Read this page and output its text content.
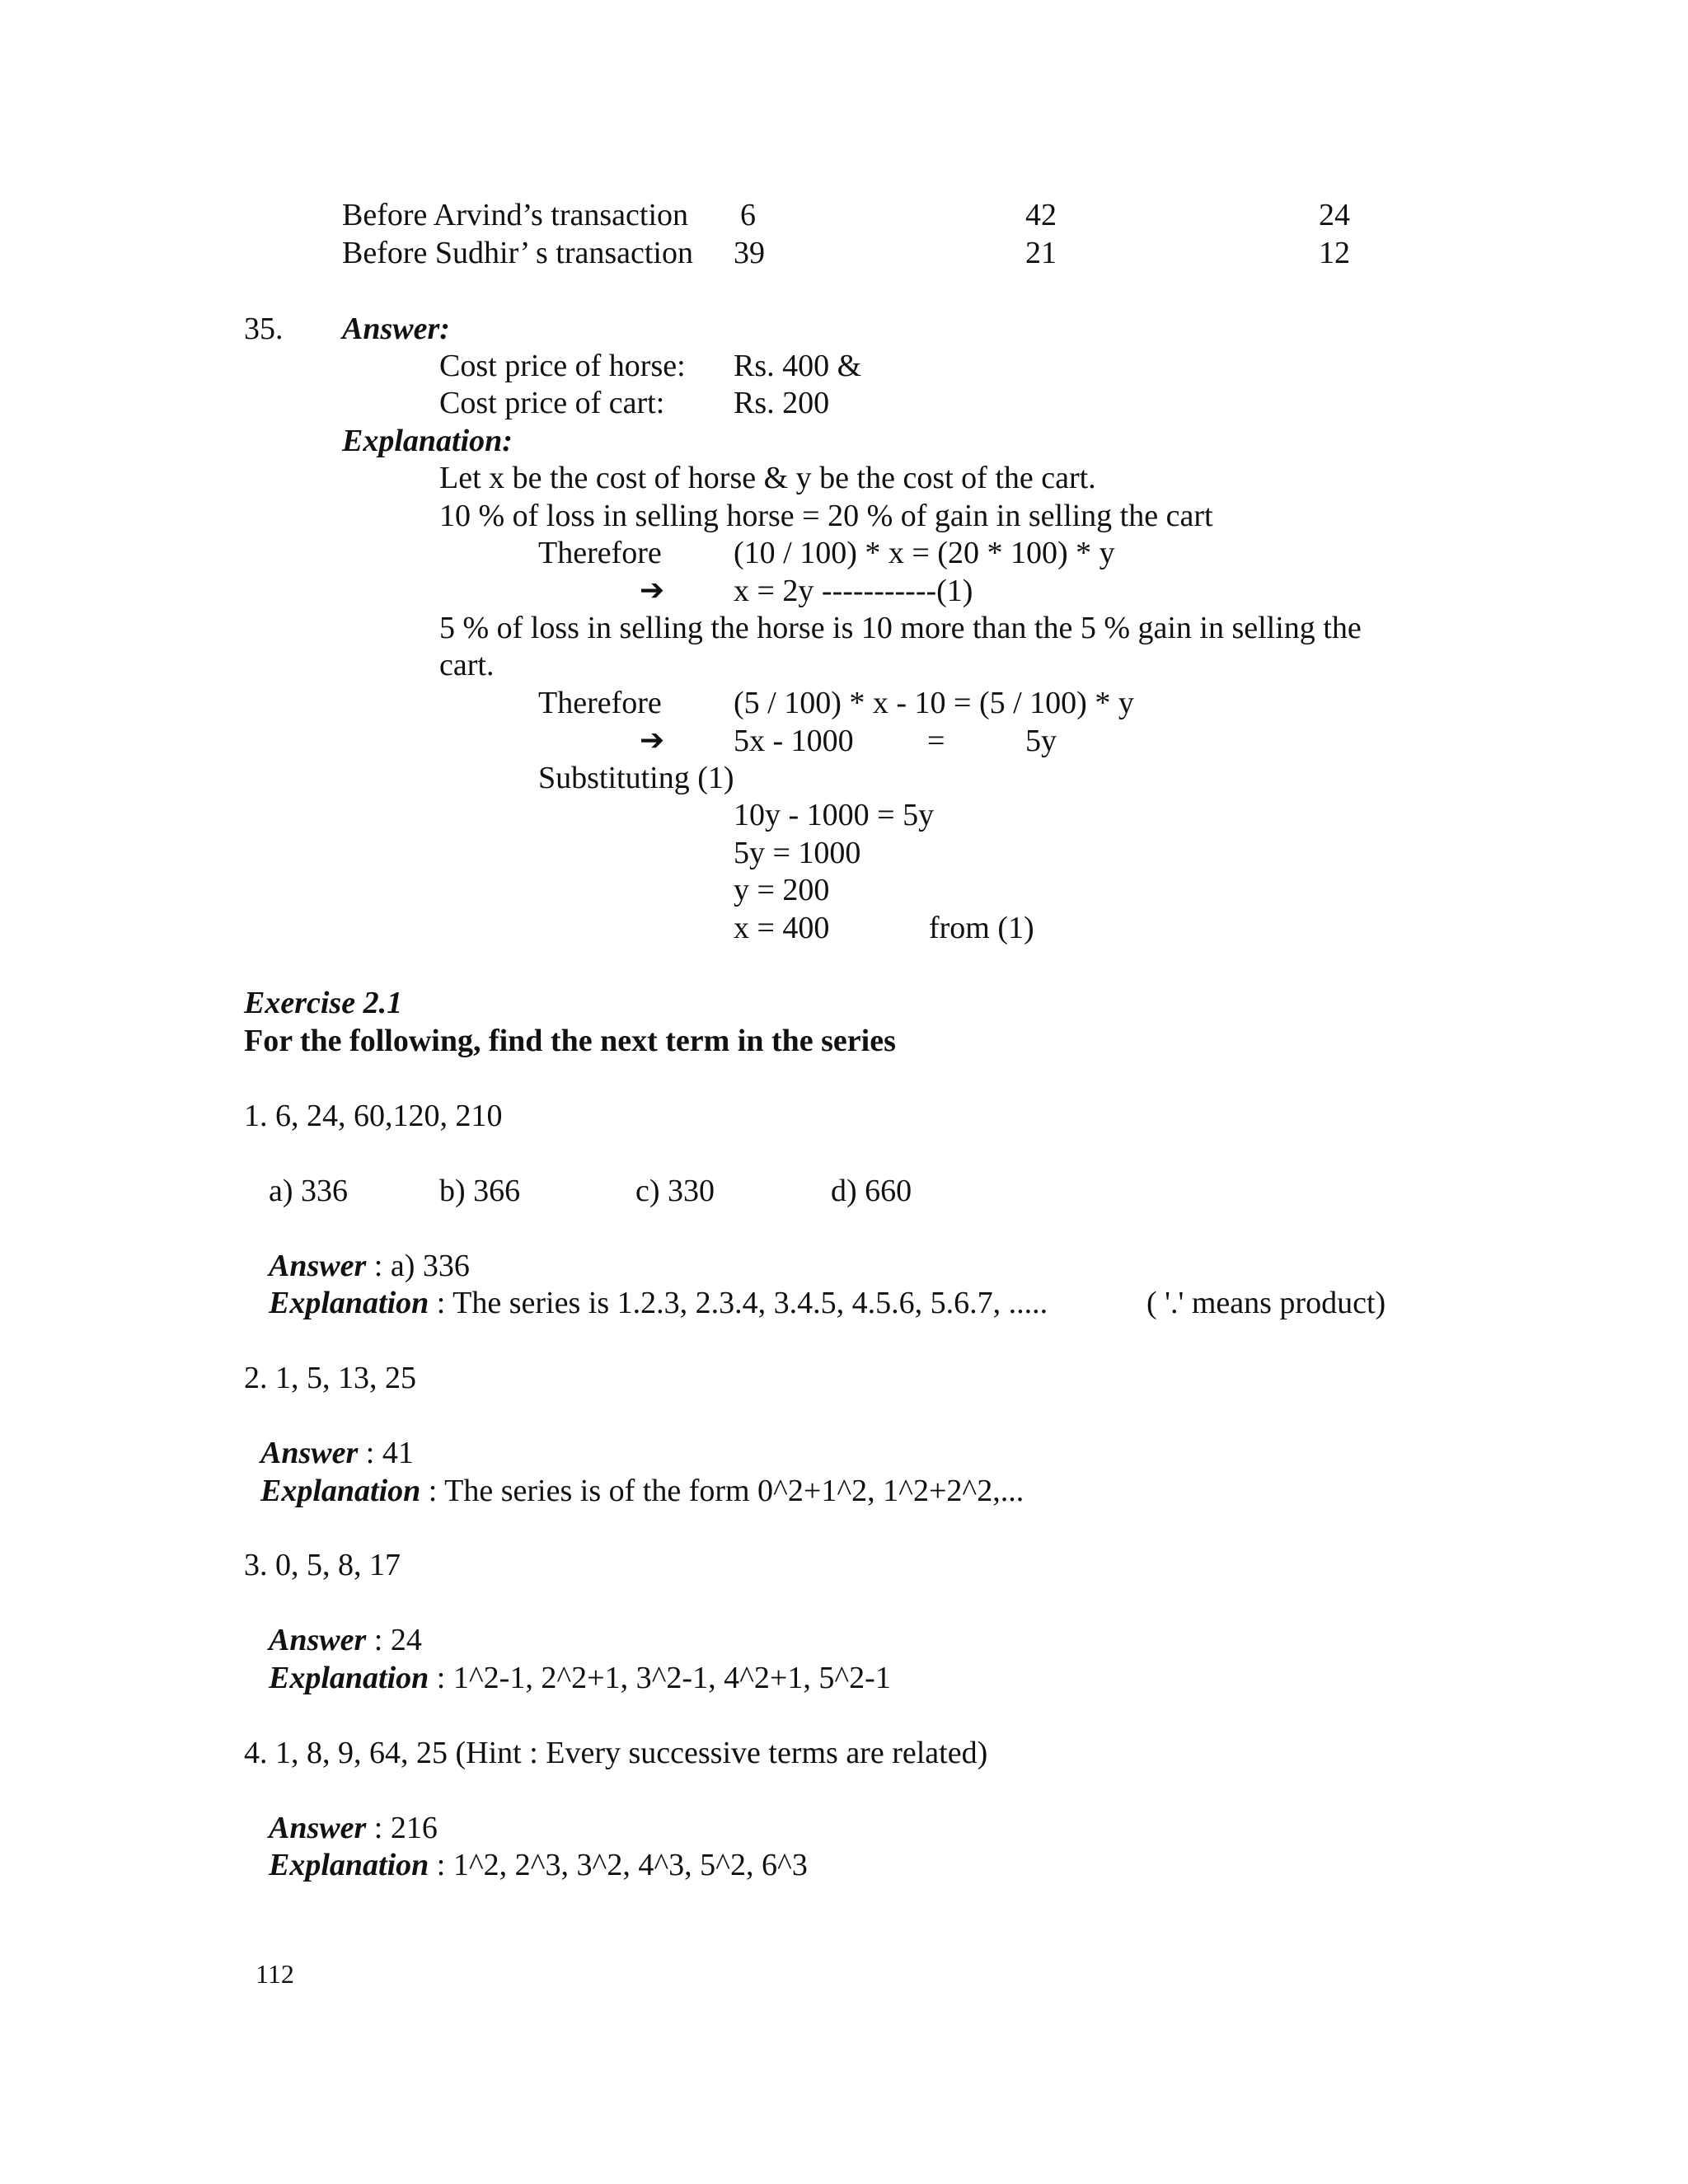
Before Arvind’s transaction 6	42	24
Before Sudhir’ s transaction 39	21	12
35. Answer:
Cost price of horse: Rs. 400 &
Cost price of cart: Rs. 200
Explanation:
Let x be the cost of horse & y be the cost of the cart.
10 % of loss in selling horse = 20 % of gain in selling the cart
Therefore (10 / 100) * x = (20 * 100) * y
➔ x = 2y -----------(1)
5 % of loss in selling the horse is 10 more than the 5 % gain in selling the
cart.
Therefore (5 / 100) * x - 10 = (5 / 100) * y
➔ 5x - 1000 =	5y
Substituting (1)
10y - 1000 = 5y
5y = 1000
y = 200
x = 400	from (1)
Exercise 2.1
For the following, find the next term in the series
1. 6, 24, 60,120, 210
a) 336	b) 366	c) 330	d) 660
Answer : a) 336
Explanation : The series is 1.2.3, 2.3.4, 3.4.5, 4.5.6, 5.6.7, .....	( '.' means product)
2. 1, 5, 13, 25
Answer : 41
Explanation : The series is of the form 0^2+1^2, 1^2+2^2,...
3. 0, 5, 8, 17
Answer : 24
Explanation : 1^2-1, 2^2+1, 3^2-1, 4^2+1, 5^2-1
4. 1, 8, 9, 64, 25 (Hint : Every successive terms are related)
Answer : 216
Explanation : 1^2, 2^3, 3^2, 4^3, 5^2, 6^3
112
